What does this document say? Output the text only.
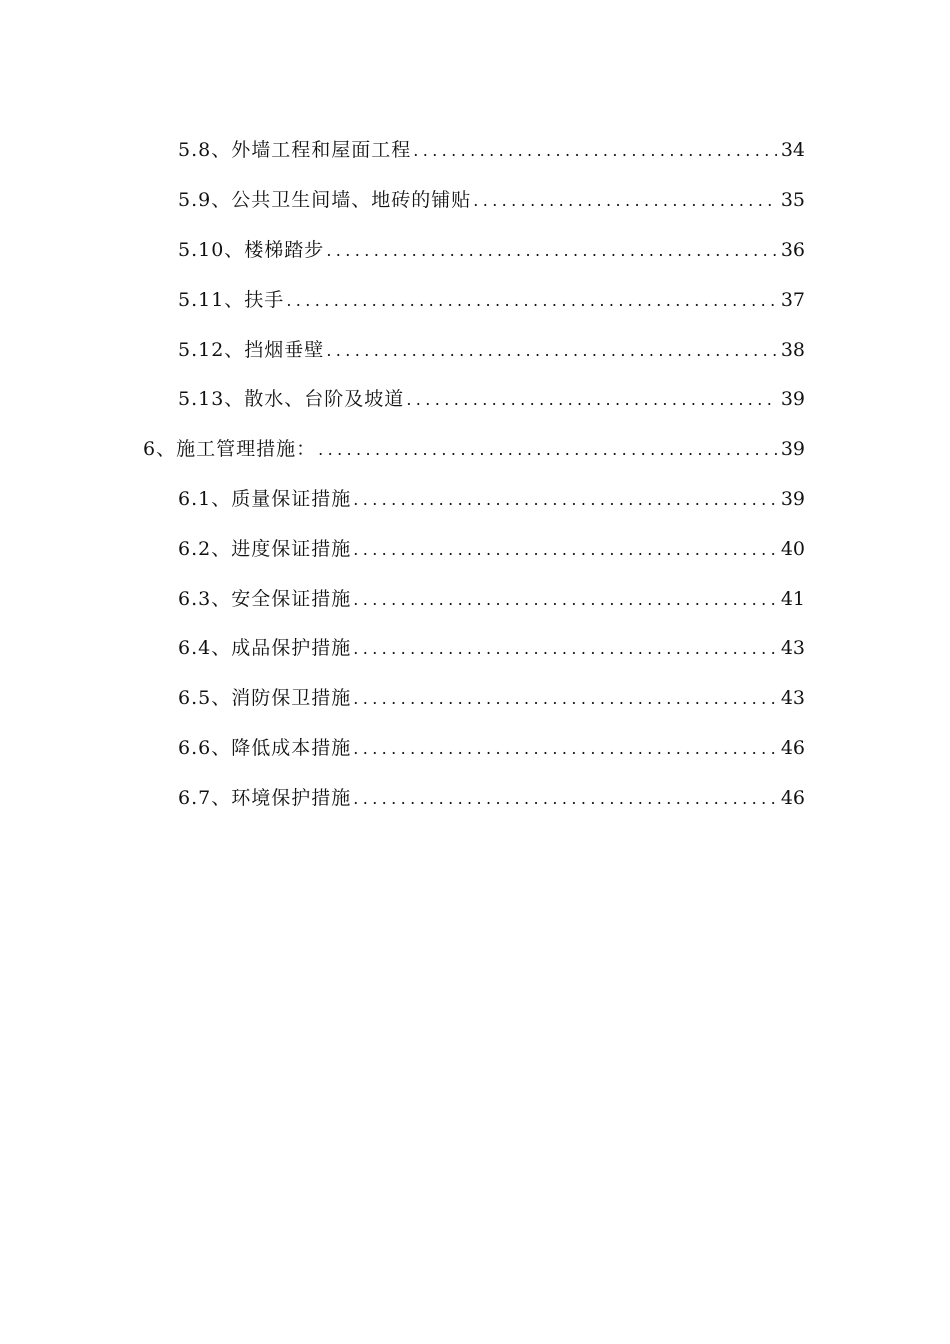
5.8、外墙工程和屋面工程 .....	34
5.9、公共卫生间墙、地砖的铺贴 .....	35
5.10、楼梯踏步 .....	36
5.11、扶手 .....	37
5.12、挡烟垂壁 .....	38
5.13、散水、台阶及坡道 .....	39
6、施工管理措施： .....	39
6.1、质量保证措施 .....	39
6.2、进度保证措施 .....	40
6.3、安全保证措施 .....	41
6.4、成品保护措施 .....	43
6.5、消防保卫措施 .....	43
6.6、降低成本措施 .....	46
6.7、环境保护措施 .....	46
